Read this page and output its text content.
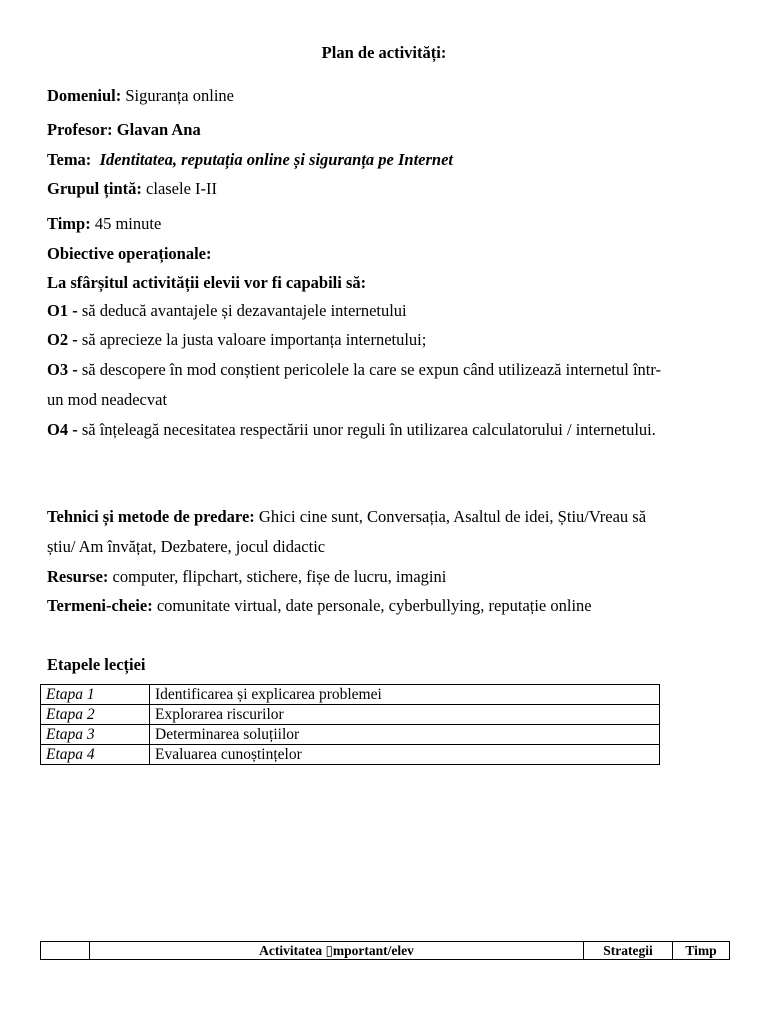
Plan de activități:
Domeniul: Siguranța online
Profesor: Glavan Ana
Tema: Identitatea, reputația online și siguranța pe Internet
Grupul țintă: clasele I-II
Timp: 45 minute
Obiective operaționale:
La sfârșitul activității elevii vor fi capabili să:
O1 - să deducă avantajele și dezavantajele internetului
O2 - să aprecieze la justa valoare importanța internetului;
O3 - să descopere în mod conștient pericolele la care se expun când utilizează internetul într-
un mod neadecvat
O4 - să înțeleagă necesitatea respectării unor reguli în utilizarea calculatorului / internetului.
Tehnici și metode de predare: Ghici cine sunt, Conversația, Asaltul de idei, Știu/Vreau să
știu/ Am învățat, Dezbatere, jocul didactic
Resurse: computer, flipchart, stichere, fișe de lucru, imagini
Termeni-cheie: comunitate virtual, date personale, cyberbullying, reputație online
Etapele lecției
Etapa 1	Identificarea și explicarea problemei
Etapa 2	Explorarea riscurilor
Etapa 3	Determinarea soluțiilor
Etapa 4	Evaluarea cunoștințelor
	Activitatea ▯mportant/elev	Strategii	Timp
